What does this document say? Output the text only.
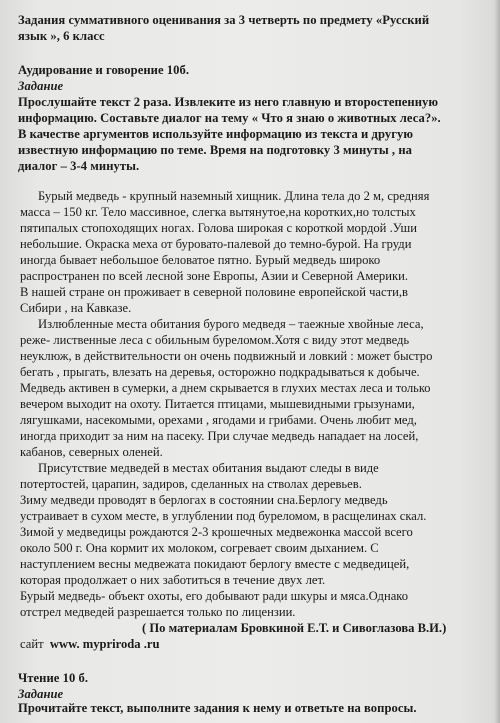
Задания суммативного оценивания за 3 четверть по предмету «Русский
язык », 6 класс
Аудирование и говорение 10б.
Задание
Прослушайте текст 2 раза. Извлеките из него главную и второстепенную
информацию. Составьте диалог на тему « Что я знаю о животных леса?».
В качестве аргументов используйте информацию из текста и другую
известную информацию по теме. Время на подготовку 3 минуты , на
диалог – 3-4 минуты.
Бурый медведь - крупный наземный хищник. Длина тела до 2 м, средняя
масса – 150 кг. Тело массивное, слегка вытянутое,на коротких,но толстых
пятипалых стопоходящих ногах. Голова широкая с короткой мордой .Уши
небольшие. Окраска меха от буровато-палевой до темно-бурой. На груди
иногда бывает небольшое беловатое пятно. Бурый медведь широко
распространен по всей лесной зоне Европы, Азии и Северной Америки.
В нашей стране он проживает в северной половине европейской части,в
Сибири , на Кавказе.
Излюбленные места обитания бурого медведя – таежные хвойные леса,
реже- лиственные леса с обильным буреломом.Хотя с виду этот медведь
неуклюж, в действительности он очень подвижный и ловкий : может быстро
бегать , прыгать, влезать на деревья, осторожно подкрадываться к добыче.
Медведь активен в сумерки, а днем скрывается в глухих местах леса и только
вечером выходит на охоту. Питается птицами, мышевидными грызунами,
лягушками, насекомыми, орехами , ягодами и грибами. Очень любит мед,
иногда приходит за ним на пасеку. При случае медведь нападает на лосей,
кабанов, северных оленей.
Присутствие медведей в местах обитания выдают следы в виде
потертостей, царапин, задиров, сделанных на стволах деревьев.
Зиму медведи проводят в берлогах в состоянии сна.Берлогу медведь
устраивает в сухом месте, в углублении под буреломом, в расщелинах скал.
Зимой у медведицы рождаются 2-3 крошечных медвежонка массой всего
около 500 г. Она кормит их молоком, согревает своим дыханием. С
наступлением весны медвежата покидают берлогу вместе с медведицей,
которая продолжает о них заботиться в течение двух лет.
Бурый медведь- объект охоты, его добывают ради шкуры и мяса.Однако
отстрел медведей разрешается только по лицензии.
( По материалам Бровкиной Е.Т. и Сивоглазова В.И.)
сайт www. mypriroda .ru
Чтение 10 б.
Задание
Прочитайте текст, выполните задания к нему и ответьте на вопросы.
